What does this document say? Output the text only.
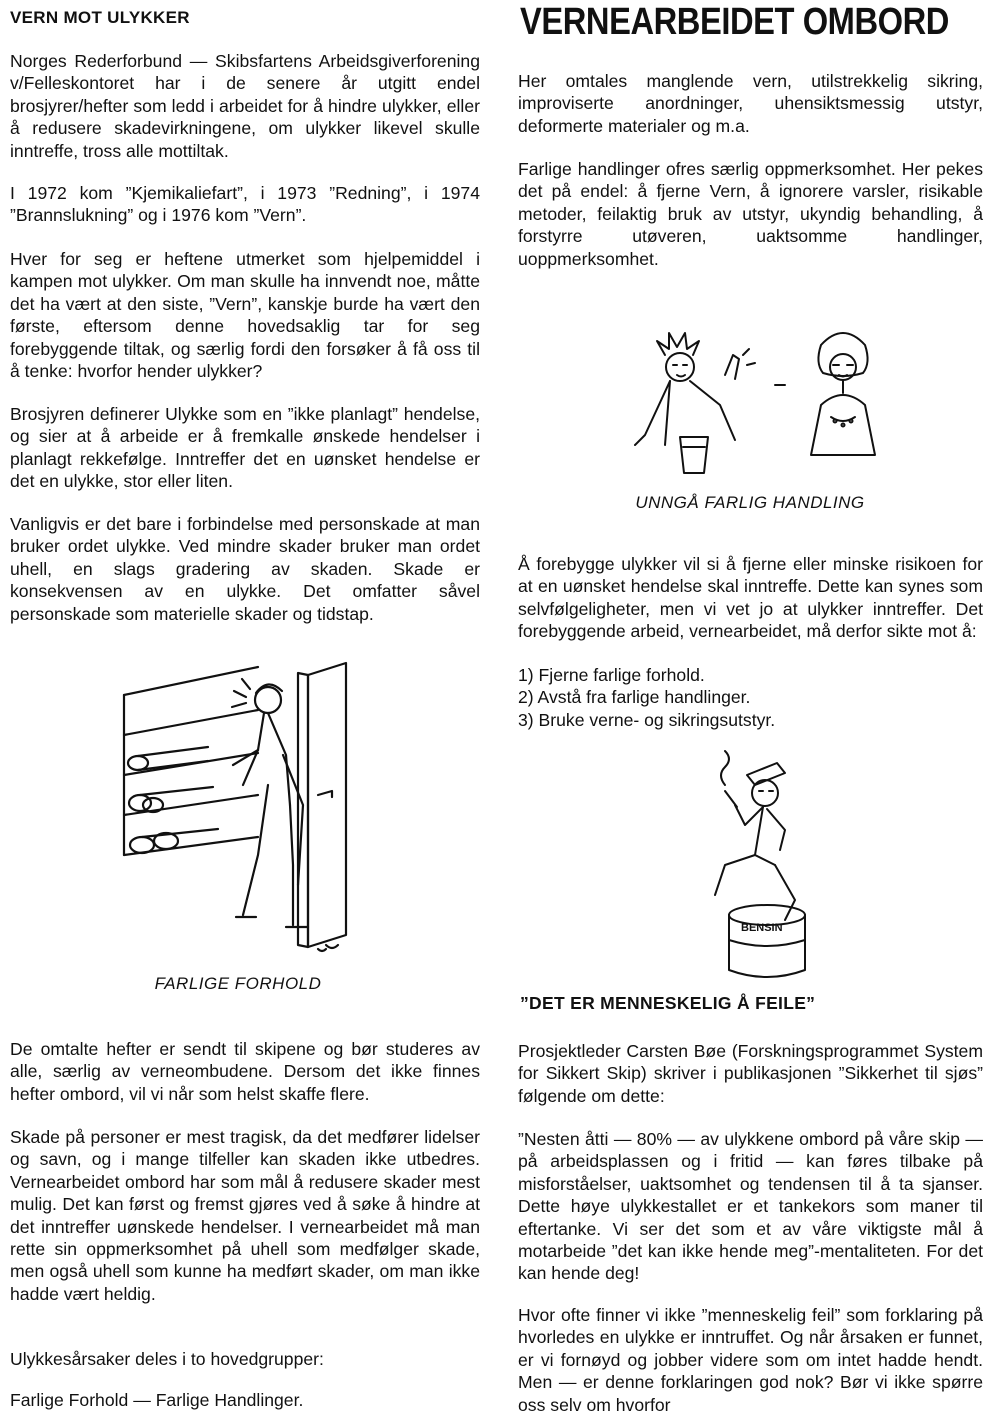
VERN MOT ULYKKER

Norges Rederforbund — Skibsfartens Arbeidsgiverforening v/Felleskontoret har i de senere år utgitt endel brosjyrer/hefter som ledd i arbeidet for å hindre ulykker, eller å redusere skadevirkningene, om ulykker likevel skulle inntreffe, tross alle mottiltak.

I 1972 kom ”Kjemikaliefart”, i 1973 ”Redning”, i 1974 ”Brannslukning” og i 1976 kom ”Vern”.

Hver for seg er heftene utmerket som hjelpemiddel i kampen mot ulykker. Om man skulle ha innvendt noe, måtte det ha vært at den siste, ”Vern”, kanskje burde ha vært den første, eftersom denne hovedsaklig tar for seg forebyggende tiltak, og særlig fordi den forsøker å få oss til å tenke: hvorfor hender ulykker?

Brosjyren definerer Ulykke som en ”ikke planlagt” hendelse, og sier at å arbeide er å fremkalle ønskede hendelser i planlagt rekkefølge. Inntreffer det en uønsket hendelse er det en ulykke, stor eller liten.

Vanligvis er det bare i forbindelse med personskade at man bruker ordet ulykke. Ved mindre skader bruker man ordet uhell, en slags gradering av skaden. Skade er konsekvensen av en ulykke. Det omfatter såvel personskade som materielle skader og tidstap.

De omtalte hefter er sendt til skipene og bør studeres av alle, særlig av verneombudene. Dersom det ikke finnes hefter ombord, vil vi når som helst skaffe flere.

Skade på personer er mest tragisk, da det medfører lidelser og savn, og i mange tilfeller kan skaden ikke utbedres. Vernearbeidet ombord har som mål å redusere skader mest mulig. Det kan først og fremst gjøres ved å søke å hindre at det inntreffer uønskede hendelser. I vernearbeidet må man rette sin oppmerksomhet på uhell som medfølger skade, men også uhell som kunne ha medført skader, om man ikke hadde vært heldig.

Ulykkesårsaker deles i to hovedgrupper:

Farlige Forhold — Farlige Handlinger.

FARLIGE FORHOLD
VERNEARBEIDET OMBORD

Her omtales manglende vern, utilstrekkelig sikring, improviserte anordninger, uhensiktsmessig utstyr, deformerte materialer og m.a.

Farlige handlinger ofres særlig oppmerksomhet. Her pekes det på endel: å fjerne Vern, å ignorere varsler, risikable metoder, feilaktig bruk av utstyr, ukyndig behandling, å forstyrre utøveren, uaktsomme handlinger, uoppmerksomhet.

Å forebygge ulykker vil si å fjerne eller minske risikoen for at en uønsket hendelse skal inntreffe. Dette kan synes som selvfølgeligheter, men vi vet jo at ulykker inntreffer. Det forebyggende arbeid, vernearbeidet, må derfor sikte mot å:

1) Fjerne farlige forhold.

2) Avstå fra farlige handlinger.

3) Bruke verne- og sikringsutstyr.

Prosjektleder Carsten Bøe (Forskningsprogrammet System for Sikkert Skip) skriver i publikasjonen ”Sikkerhet til sjøs” følgende om dette:

”Nesten åtti — 80% — av ulykkene ombord på våre skip — på arbeidsplassen og i fritid — kan føres tilbake på misforståelser, uaktsomhet og tendensen til å ta sjanser. Dette høye ulykkestallet er et tankekors som maner til eftertanke. Vi ser det som et av våre viktigste mål å motarbeide ”det kan ikke hende meg”-mentaliteten. For det kan hende deg!

Hvor ofte finner vi ikke ”menneskelig feil” som forklaring på hvorledes en ulykke er inntruffet. Og når årsaken er funnet, er vi fornøyd og jobber videre som om intet hadde hendt. Men — er denne forklaringen god nok? Bør vi ikke spørre oss selv om hvorfor

UNNGÅ FARLIG HANDLING
BENSIN
”DET ER MENNESKELIG Å FEILE”
